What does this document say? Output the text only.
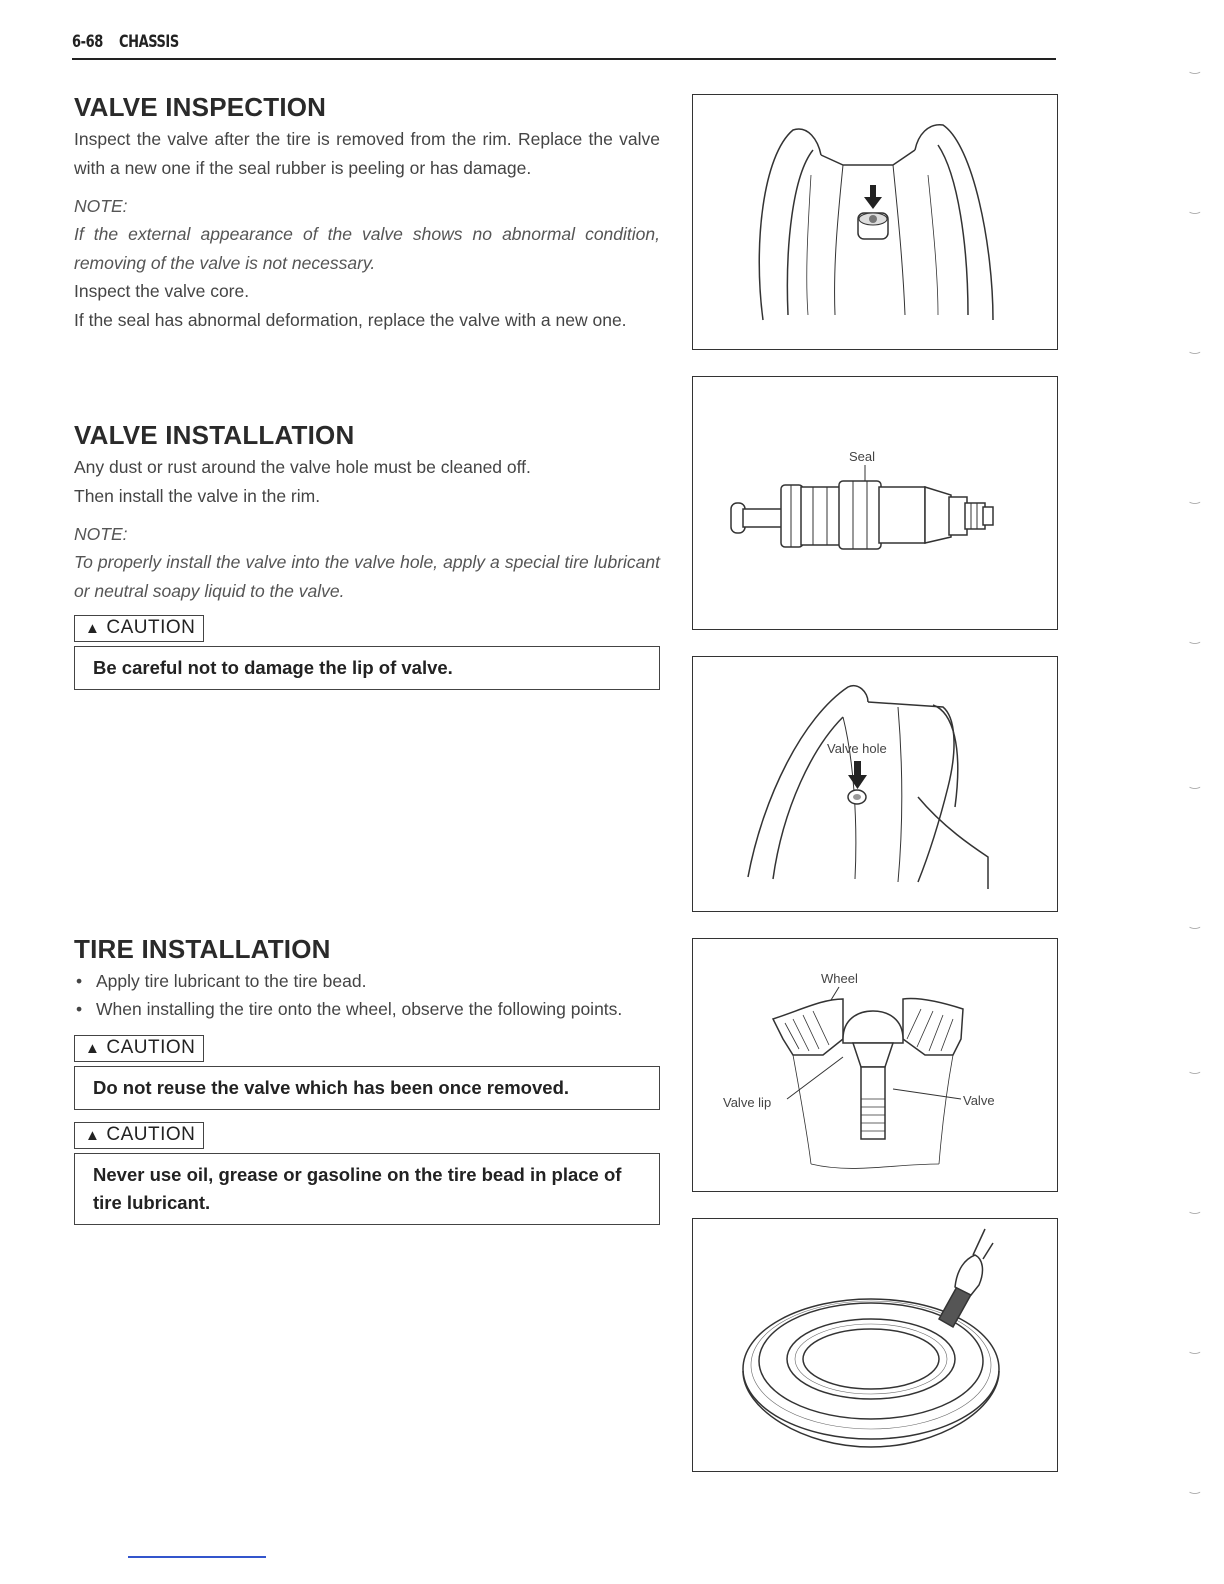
6-68 CHASSIS
VALVE INSPECTION

Inspect the valve after the tire is removed from the rim. Replace the valve with a new one if the seal rubber is peeling or has damage.

NOTE:
If the external appearance of the valve shows no abnormal condition, removing of the valve is not necessary.

Inspect the valve core.

If the seal has abnormal deformation, replace the valve with a new one.

VALVE INSTALLATION

Any dust or rust around the valve hole must be cleaned off.

Then install the valve in the rim.

NOTE:
To properly install the valve into the valve hole, apply a special tire lubricant or neutral soapy liquid to the valve.
▲ CAUTION
Be careful not to damage the lip of valve.
TIRE INSTALLATION
• Apply tire lubricant to the tire bead.
• When installing the tire onto the wheel, observe the following points.
▲ CAUTION
Do not reuse the valve which has been once removed.
▲ CAUTION
Never use oil, grease or gasoline on the tire bead in place of tire lubricant.
Seal
Valve hole
Wheel
Valve lip	Valve
‿
‿
‿
‿
‿
‿
‿
‿
‿
‿
‿
